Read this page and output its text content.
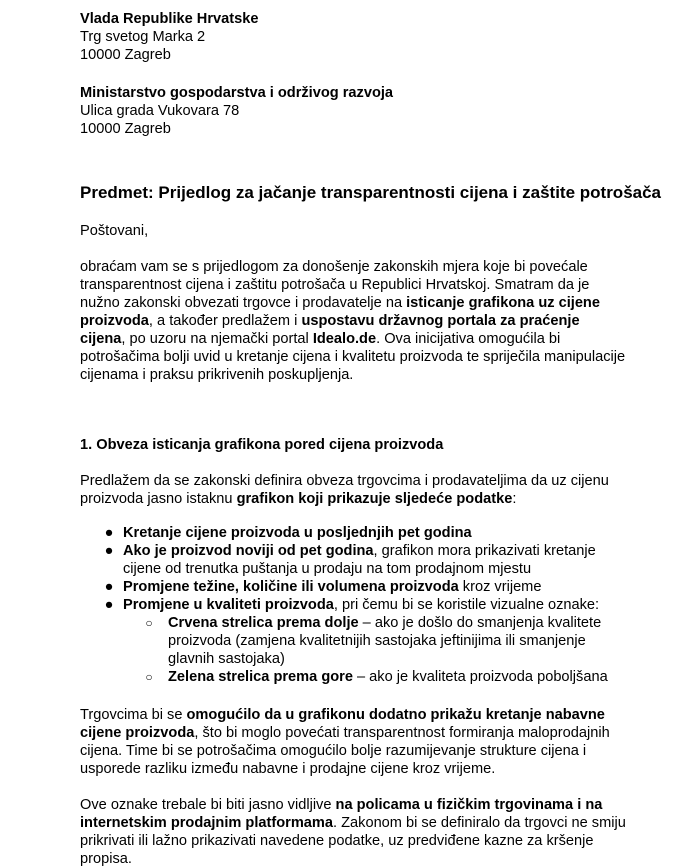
Vlada Republike Hrvatske
Trg svetog Marka 2
10000 Zagreb
Ministarstvo gospodarstva i održivog razvoja
Ulica grada Vukovara 78
10000 Zagreb
Predmet: Prijedlog za jačanje transparentnosti cijena i zaštite potrošača
Poštovani,

obraćam vam se s prijedlogom za donošenje zakonskih mjera koje bi povećale transparentnost cijena i zaštitu potrošača u Republici Hrvatskoj. Smatram da je nužno zakonski obvezati trgovce i prodavatelje na isticanje grafikona uz cijene proizvoda, a također predlažem i uspostavu državnog portala za praćenje cijena, po uzoru na njemački portal Idealo.de. Ova inicijativa omogućila bi potrošačima bolji uvid u kretanje cijena i kvalitetu proizvoda te spriječila manipulacije cijenama i praksu prikrivenih poskupljenja.

1. Obveza isticanja grafikona pored cijena proizvoda

Predlažem da se zakonski definira obveza trgovcima i prodavateljima da uz cijenu proizvoda jasno istaknu grafikon koji prikazuje sljedeće podatke:

● Kretanje cijene proizvoda u posljednjih pet godina
● Ako je proizvod noviji od pet godina, grafikon mora prikazivati kretanje cijene od trenutka puštanja u prodaju na tom prodajnom mjestu
● Promjene težine, količine ili volumena proizvoda kroz vrijeme
● Promjene u kvaliteti proizvoda, pri čemu bi se koristile vizualne oznake:
○ Crvena strelica prema dolje – ako je došlo do smanjenja kvalitete proizvoda (zamjena kvalitetnijih sastojaka jeftinijima ili smanjenje glavnih sastojaka)
○ Zelena strelica prema gore – ako je kvaliteta proizvoda poboljšana

Trgovcima bi se omogućilo da u grafikonu dodatno prikažu kretanje nabavne cijene proizvoda, što bi moglo povećati transparentnost formiranja maloprodajnih cijena. Time bi se potrošačima omogućilo bolje razumijevanje strukture cijena i usporede razliku između nabavne i prodajne cijene kroz vrijeme.

Ove oznake trebale bi biti jasno vidljive na policama u fizičkim trgovinama i na internetskim prodajnim platformama. Zakonom bi se definiralo da trgovci ne smiju prikrivati ili lažno prikazivati navedene podatke, uz predviđene kazne za kršenje propisa.
